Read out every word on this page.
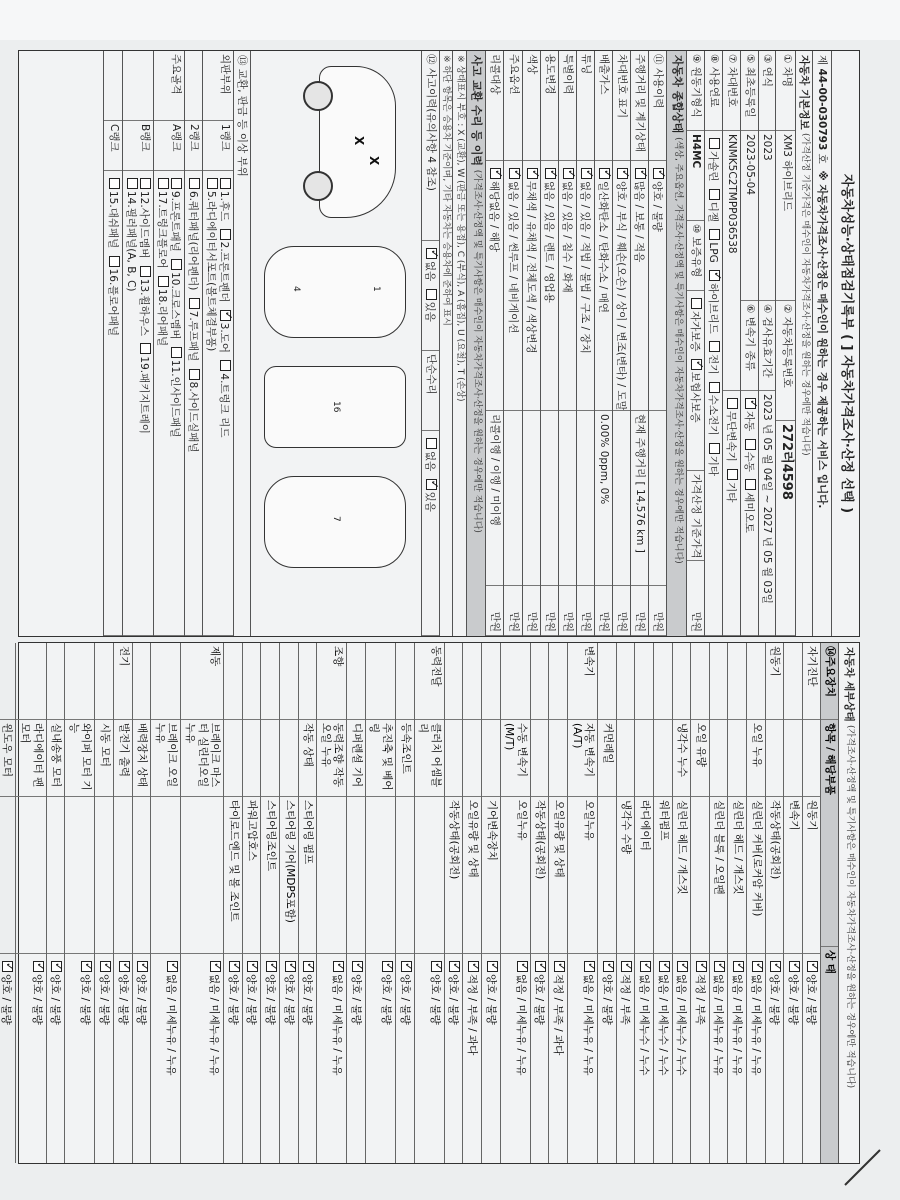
자동차성능·상태점검기록부 ( ] 자동차가격조사·산정 선택 )
제

44-00-030793

호

※ 자동차가격조사·산정은 매수인이 원하는 경우 제공하는 서비스 입니다.
자동차 기본정보

(가격산정 기준가격은 매수인이 자동차가격조사·산정을 원하는 경우에만 적습니다)
① 차명
XM3 하이브리드
② 자동차등록번호
272러4598
③ 연식
2023
④ 검사유효기간
2023 년 05 월 04일 ~ 2027 년 05 월 03일
⑤ 최초등록일
2023-05-04
⑥ 변속기 종류
✓자동 수동 세미오토
⑦ 차대번호
KNMK5C2TMPP036538
무단변속기 기타
⑧ 사용연료
가솔린 디젤 LPG ✓하이브리드 전기 수소전기 기타
⑨ 원동기형식
H4MC
⑩ 보증유형
자가보증 ✓보험사보증
가격산정 기준가격
만원
자동차 종합상태

(색상, 주요옵션, 가격조사·산정액 및 특기사항은 매수인이 자동차가격조사·산정을 원하는 경우에만 적습니다)
⑪ 사용이력
✓양호 / 불량
만원
주행거리 및 계기상태
✓많음 / 보통 / 적음
현재 주행거리 [ 14,576 km ]
만원
차대번호 표기
✓양호 / 부식 / 훼손(오손) / 상이 / 변조(변타) / 도말
만원
배출가스
✓일산화탄소 / 탄화수소 / 매연
0.00% 0ppm, 0%
만원
튜닝
✓없음 / 있음 / 적법 / 불법 / 구조 / 장치
만원
특별이력
✓없음 / 있음 / 침수 / 화재
만원
용도변경
✓없음 / 있음 / 렌트 / 영업용
만원
색상
✓무채색 / 유채색 / 전체도색 / 색상변경
만원
주요옵션
✓없음 / 있음 / 썬루프 / 네비게이션
만원
리콜대상
✓해당없음 / 해당
리콜이행 / 이행 / 미이행
만원
사고 교환 수리 등 이력

(가격조사·산정액 및 특기사항은 매수인이 자동차가격조사·산정을 원하는 경우에만 적습니다)
※ 상태표시 부호 : X (교환), W (판금 또는 용접), C (부식), A (흠집), U (요철), T (손상)
※ 하단 항목은 승용차 기준이며, 기타 자동차는 승용차에 준하여 표시
⑫ 사고이력(유의사항 4 참조)
✓없음 있음
단순수리
없음 ✓있음
X
X
1
4
16
7
⑬ 교환, 판금 등 이상 부위
외판부위
1랭크
1.후드 2.프론트펜더 ✓3.도어 4.트렁크 리드
5.라디에이터서포트(볼트체결부품)
2랭크
6.쿼터패널(리어펜더) 7.루프패널 8.사이드실패널
주요골격
A랭크
9.프론트패널 10.크로스멤버 11.인사이드패널
17.트렁크플로어 18.리어패널
B랭크
12.사이드멤버 13.휠하우스 19.패키지트레이
14.필러패널(A, B, C)
C랭크
15.대쉬패널 16.플로어패널
자동차 세부상태

(가격조사·산정액 및 특기사항은 매수인이 자동차가격조사·산정을 원하는 경우에만 적습니다)
⑭주요장치
항목 / 해당부품
상 태
자기진단
원동기
✓양호 / 불량
변속기
✓양호 / 불량
원동기
작동상태(공회전)
✓양호 / 불량
오일 누유
실린더 커버(로커암 커버)
✓없음 / 미세누유 / 누유
실린더 헤드 / 개스킷
✓없음 / 미세누유 / 누유
실린더 블록 / 오일팬
✓없음 / 미세누유 / 누유
오일 유량
✓적정 / 부족
냉각수 누수
실린더 헤드 / 개스킷
✓없음 / 미세누수 / 누수
워터펌프
✓없음 / 미세누수 / 누수
라디에이터
✓없음 / 미세누수 / 누수
냉각수 수량
✓적정 / 부족
커먼레일
✓양호 / 불량
변속기
자동 변속기 (A/T)
오일누유
✓없음 / 미세누유 / 누유
오일유량 및 상태
✓적정 / 부족 / 과다
작동상태(공회전)
✓양호 / 불량
수동 변속기 (M/T)
오일누유
✓없음 / 미세누유 / 누유
기어변속장치
✓양호 / 불량
오일유량 및 상태
✓적정 / 부족 / 과다
작동상태(공회전)
✓양호 / 불량
동력전달
클러치 어셈블리
✓양호 / 불량
등속조인트
✓양호 / 불량
추진축 및 베어링
✓양호 / 불량
디퍼렌셜 기어
✓양호 / 불량
조향
동력조향 작동 오일 누유
✓없음 / 미세누유 / 누유
작동 상태
스티어링 펌프
✓양호 / 불량
스티어링 기어(MDPS포함)
✓양호 / 불량
스티어링조인트
✓양호 / 불량
파워고압호스
✓양호 / 불량
타이로드엔드 및 볼 조인트
✓양호 / 불량
제동
브레이크 마스터 실린더오일 누유
✓없음 / 미세누유 / 누유
브레이크 오일 누유
✓없음 / 미세누유 / 누유
배력장치 상태
✓양호 / 불량
전기
발전기 출력
✓양호 / 불량
시동 모터
✓양호 / 불량
와이퍼 모터 기능
✓양호 / 불량
실내송풍 모터
✓양호 / 불량
라디에이터 팬 모터
✓양호 / 불량
윈도우 모터
✓양호 / 불량
